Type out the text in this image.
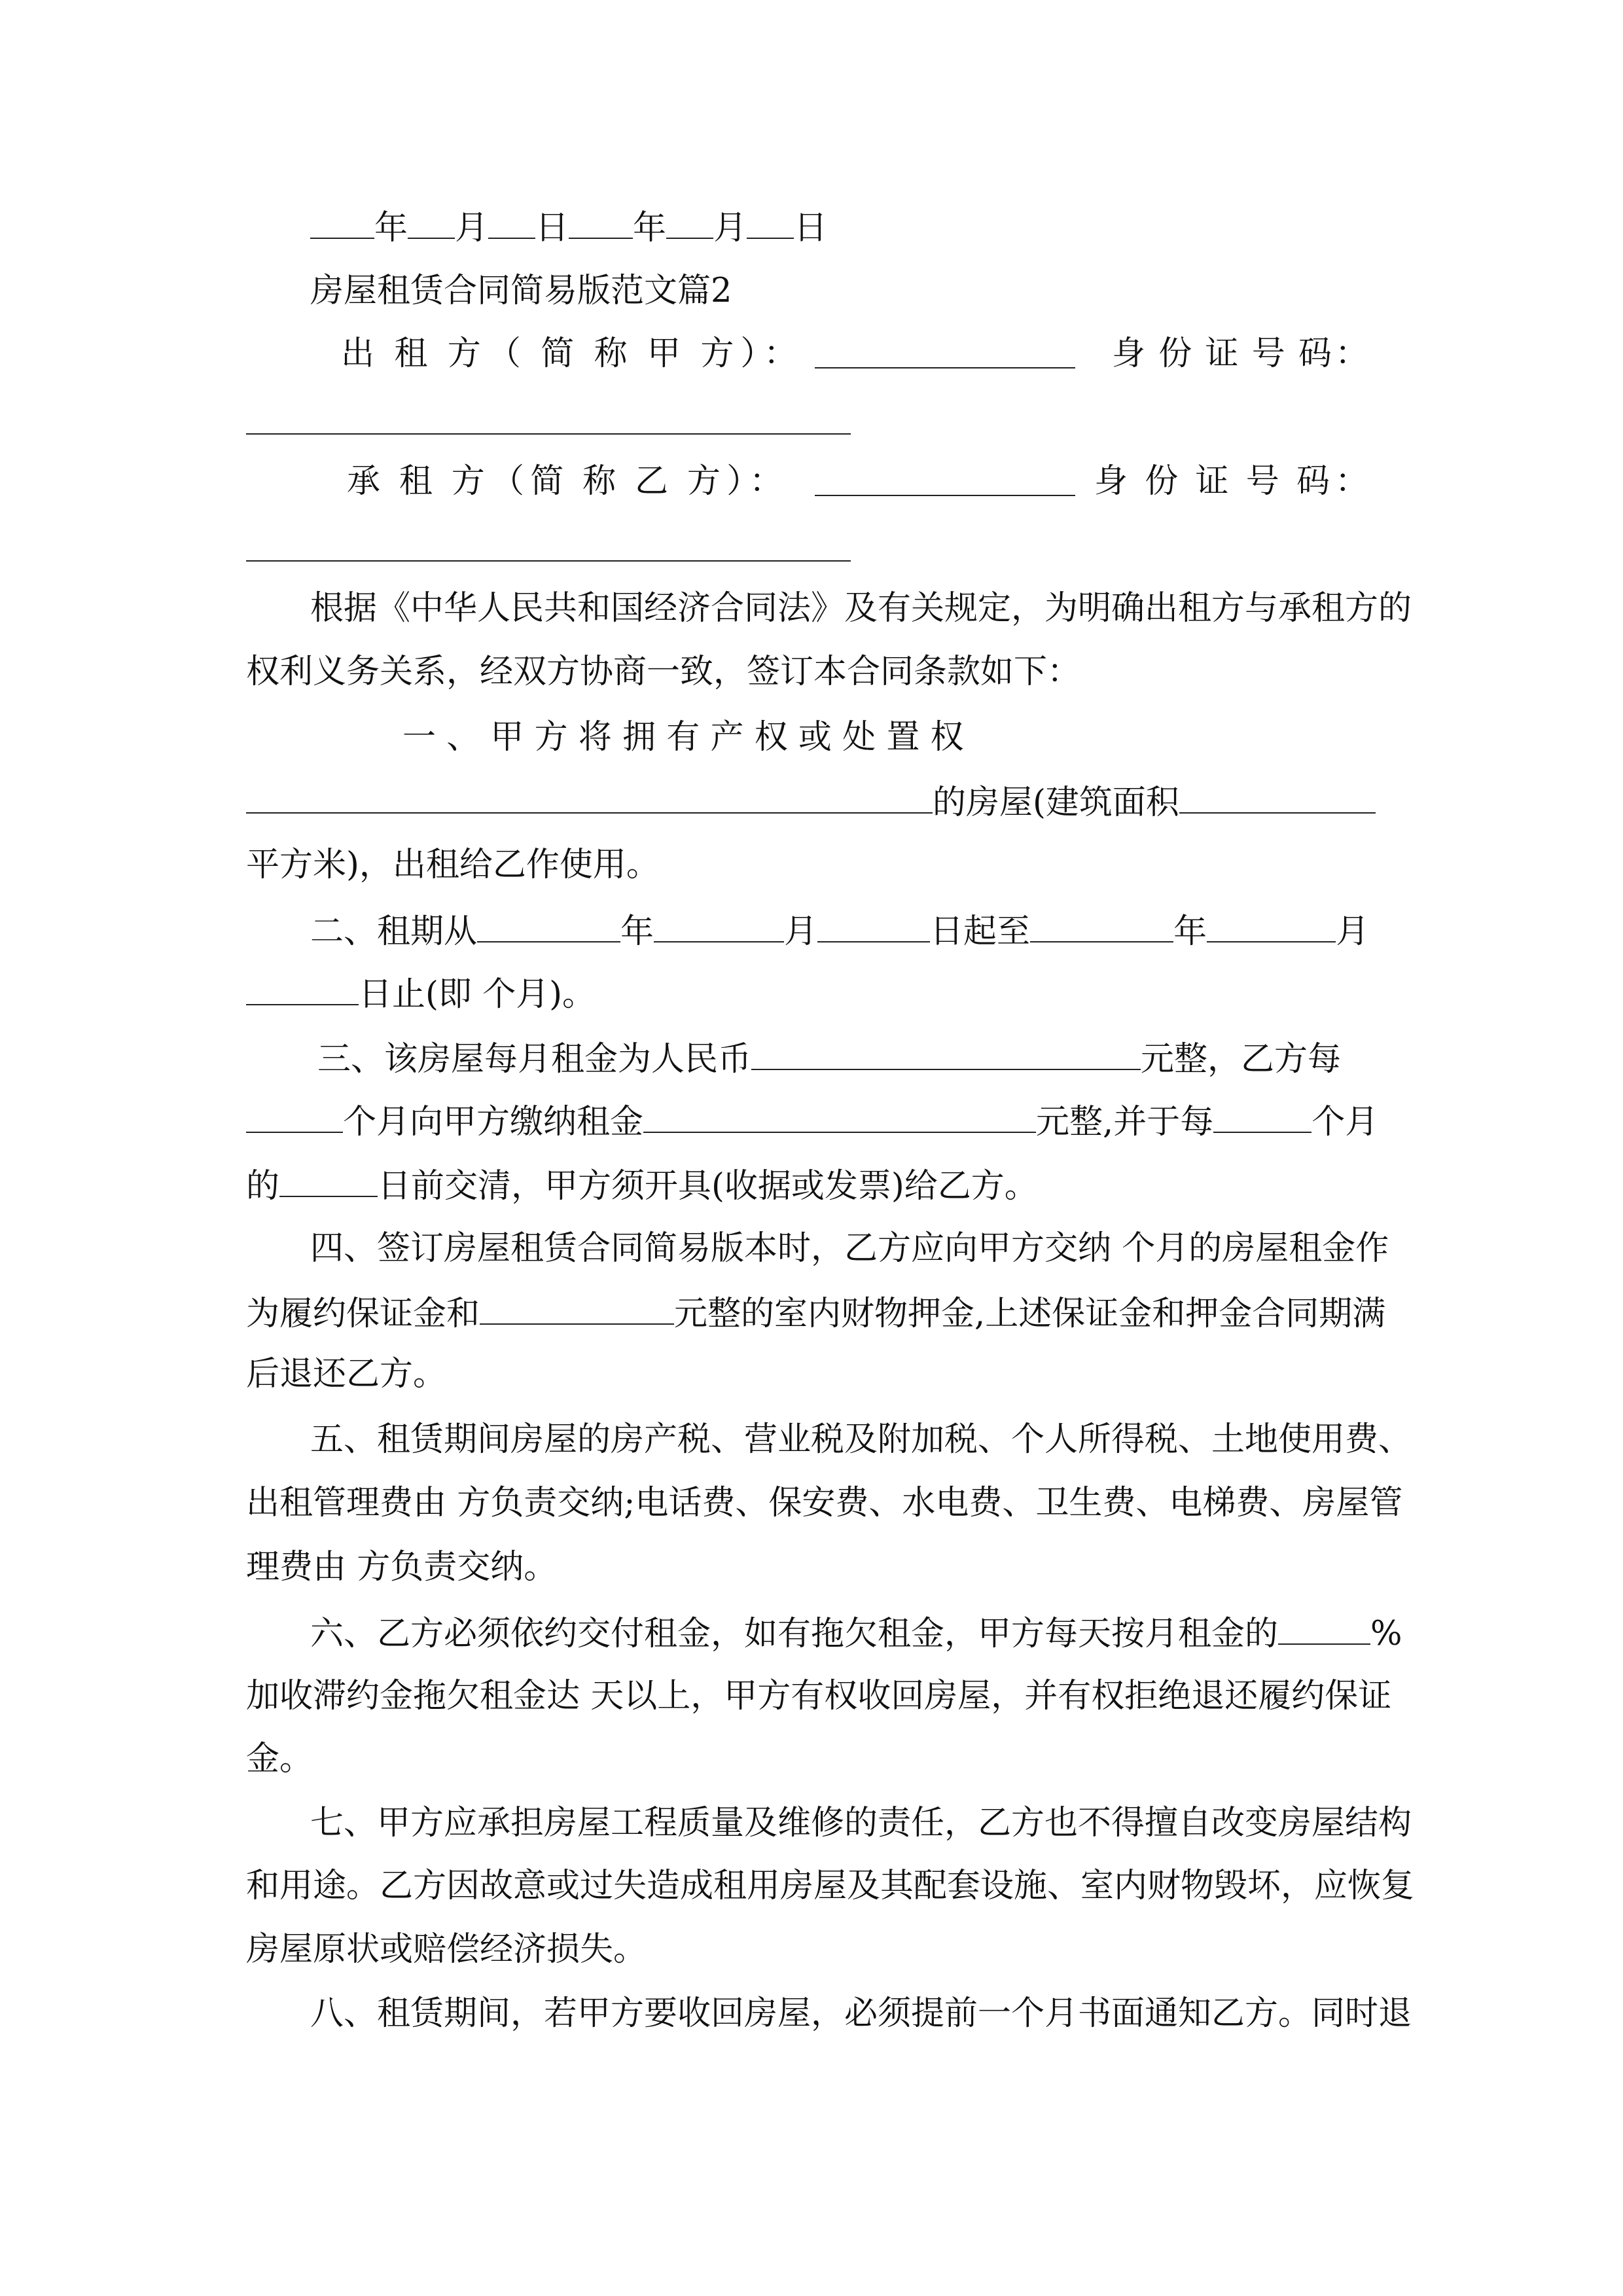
年 月 日 年 月 日
房屋租赁合同简易版范文篇2
出 租 方（ 简 称 甲 方）：	身 份 证 号 码：
承 租 方（简 称 乙 方）：	身 份 证 号 码：
根据《中华人民共和国经济合同法》及有关规定，为明确出租方与承租方的
权利义务关系，经双方协商一致，签订本合同条款如下：
一 、 甲 方 将 拥 有 产 权 或 处 置 权
的房屋(建筑面积
平方米)，出租给乙作使用。
二、租期从	年	月	日起至	年	月
日止(即 个月)。
三、该房屋每月租金为人民币	元整，乙方每
个月向甲方缴纳租金	元整,并于每	个月
的	日前交清，甲方须开具(收据或发票)给乙方。
四、签订房屋租赁合同简易版本时，乙方应向甲方交纳 个月的房屋租金作
为履约保证金和	元整的室内财物押金,上述保证金和押金合同期满
后退还乙方。
五、租赁期间房屋的房产税、营业税及附加税、个人所得税、土地使用费、
出租管理费由 方负责交纳;电话费、保安费、水电费、卫生费、电梯费、房屋管
理费由 方负责交纳。
六、乙方必须依约交付租金，如有拖欠租金，甲方每天按月租金的	%
加收滞约金拖欠租金达 天以上，甲方有权收回房屋，并有权拒绝退还履约保证
金。
七、甲方应承担房屋工程质量及维修的责任，乙方也不得擅自改变房屋结构
和用途。乙方因故意或过失造成租用房屋及其配套设施、室内财物毁坏，应恢复
房屋原状或赔偿经济损失。
八、租赁期间，若甲方要收回房屋，必须提前一个月书面通知乙方。同时退
